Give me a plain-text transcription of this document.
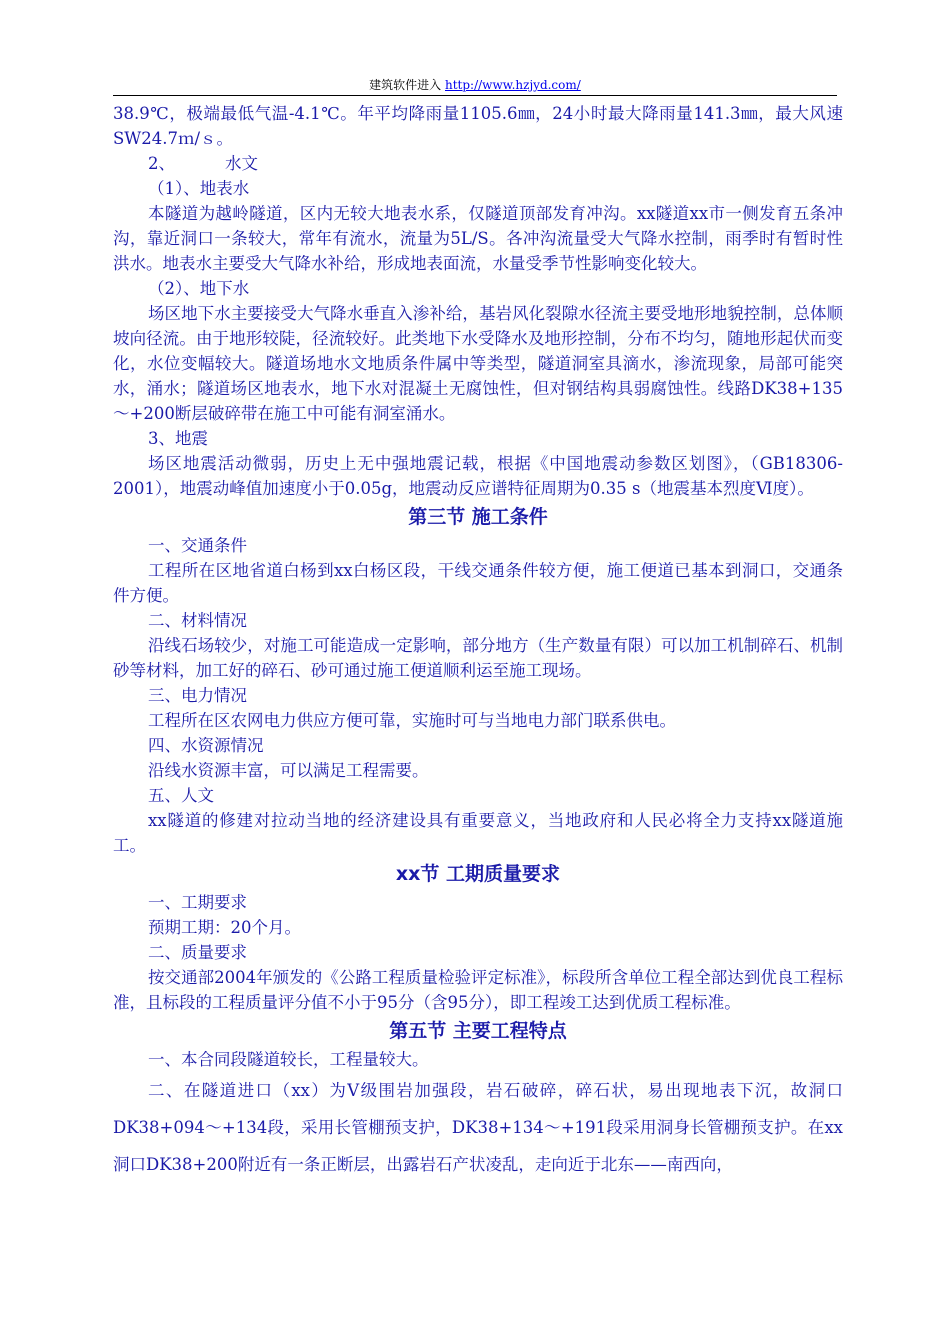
建筑软件进入 http://www.hzjyd.com/

38.9℃，极端最低气温-4.1℃。年平均降雨量1105.6㎜，24小时最大降雨量141.3㎜，最大风速SW24.7ｍ/ｓ。

2、	水文

（1）、地表水

本隧道为越岭隧道，区内无较大地表水系，仅隧道顶部发育冲沟。xx隧道xx市一侧发育五条冲沟，靠近洞口一条较大，常年有流水，流量为5L/S。各冲沟流量受大气降水控制，雨季时有暂时性洪水。地表水主要受大气降水补给，形成地表面流，水量受季节性影响变化较大。

（2）、地下水

场区地下水主要接受大气降水垂直入渗补给，基岩风化裂隙水径流主要受地形地貌控制，总体顺坡向径流。由于地形较陡，径流较好。此类地下水受降水及地形控制，分布不均匀，随地形起伏而变化，水位变幅较大。隧道场地水文地质条件属中等类型，隧道洞室具滴水，渗流现象，局部可能突水，涌水；隧道场区地表水，地下水对混凝土无腐蚀性，但对钢结构具弱腐蚀性。线路DK38+135～+200断层破碎带在施工中可能有洞室涌水。

3、地震

场区地震活动微弱，历史上无中强地震记载，根据《中国地震动参数区划图》，（GB18306-2001），地震动峰值加速度小于0.05g，地震动反应谱特征周期为0.35 s（地震基本烈度Ⅵ度）。

第三节 施工条件

一、交通条件

工程所在区地省道白杨到xx白杨区段，干线交通条件较方便，施工便道已基本到洞口，交通条件方便。

二、材料情况

沿线石场较少，对施工可能造成一定影响，部分地方（生产数量有限）可以加工机制碎石、机制砂等材料，加工好的碎石、砂可通过施工便道顺利运至施工现场。

三、电力情况

工程所在区农网电力供应方便可靠，实施时可与当地电力部门联系供电。

四、水资源情况

沿线水资源丰富，可以满足工程需要。

五、人文

xx隧道的修建对拉动当地的经济建设具有重要意义，当地政府和人民必将全力支持xx隧道施工。

xx节 工期质量要求

一、工期要求

预期工期：20个月。

二、质量要求

按交通部2004年颁发的《公路工程质量检验评定标准》，标段所含单位工程全部达到优良工程标准，且标段的工程质量评分值不小于95分（含95分），即工程竣工达到优质工程标准。

第五节 主要工程特点

一、本合同段隧道较长，工程量较大。

二、在隧道进口（xx）为Ⅴ级围岩加强段，岩石破碎，碎石状，易出现地表下沉，故洞口DK38+094～+134段，采用长管棚预支护，DK38+134～+191段采用洞身长管棚预支护。在xx洞口DK38+200附近有一条正断层，出露岩石产状凌乱，走向近于北东——南西向，
